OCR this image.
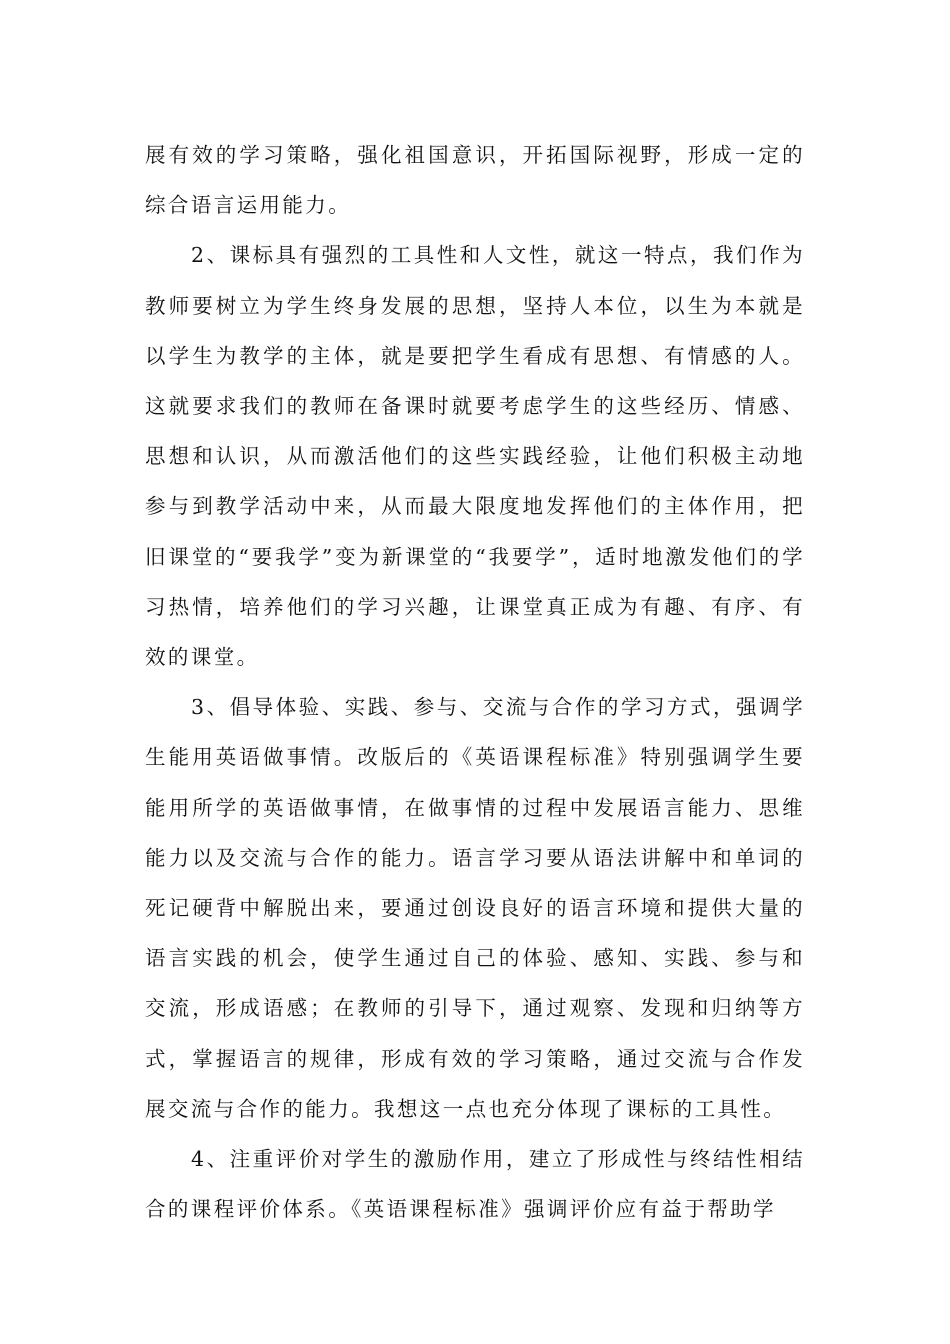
展有效的学习策略，强化祖国意识，开拓国际视野，形成一定的综合语言运用能力。

2、课标具有强烈的工具性和人文性，就这一特点，我们作为教师要树立为学生终身发展的思想，坚持人本位，以生为本就是以学生为教学的主体，就是要把学生看成有思想、有情感的人。这就要求我们的教师在备课时就要考虑学生的这些经历、情感、思想和认识，从而激活他们的这些实践经验，让他们积极主动地参与到教学活动中来，从而最大限度地发挥他们的主体作用，把旧课堂的“要我学”变为新课堂的“我要学”，适时地激发他们的学习热情，培养他们的学习兴趣，让课堂真正成为有趣、有序、有效的课堂。

3、倡导体验、实践、参与、交流与合作的学习方式，强调学生能用英语做事情。改版后的《英语课程标准》特别强调学生要能用所学的英语做事情，在做事情的过程中发展语言能力、思维能力以及交流与合作的能力。语言学习要从语法讲解中和单词的死记硬背中解脱出来，要通过创设良好的语言环境和提供大量的语言实践的机会，使学生通过自己的体验、感知、实践、参与和交流，形成语感；在教师的引导下，通过观察、发现和归纳等方式，掌握语言的规律，形成有效的学习策略，通过交流与合作发展交流与合作的能力。我想这一点也充分体现了课标的工具性。

4、注重评价对学生的激励作用，建立了形成性与终结性相结合的课程评价体系。《英语课程标准》强调评价应有益于帮助学
